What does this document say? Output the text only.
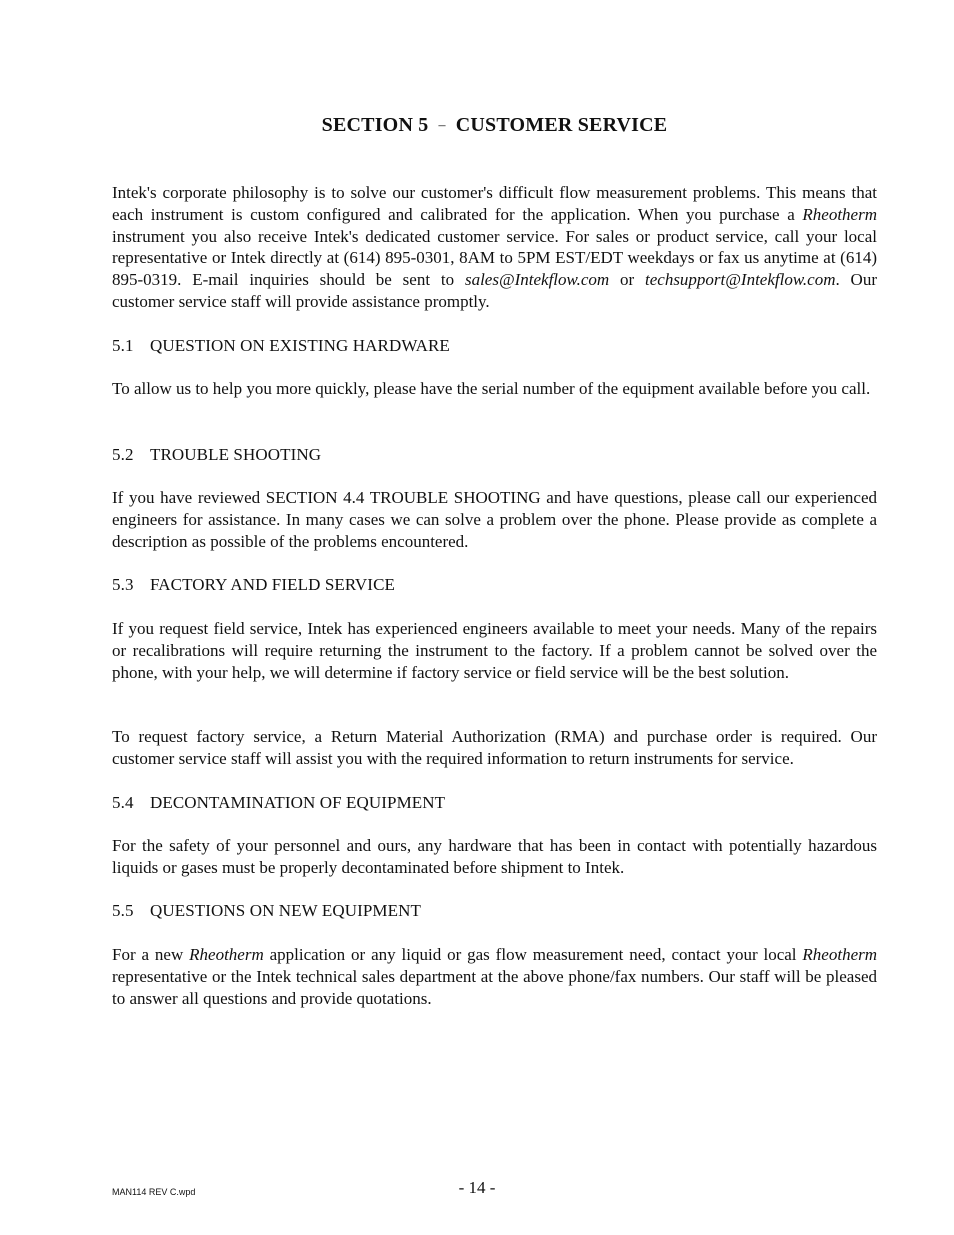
SECTION 5 – CUSTOMER SERVICE
Intek's corporate philosophy is to solve our customer's difficult flow measurement problems. This means that each instrument is custom configured and calibrated for the application. When you purchase a Rheotherm instrument you also receive Intek's dedicated customer service. For sales or product service, call your local representative or Intek directly at (614) 895-0301, 8AM to 5PM EST/EDT weekdays or fax us anytime at (614) 895-0319. E-mail inquiries should be sent to sales@Intekflow.com or techsupport@Intekflow.com. Our customer service staff will provide assistance promptly.
5.1 QUESTION ON EXISTING HARDWARE
To allow us to help you more quickly, please have the serial number of the equipment available before you call.
5.2 TROUBLE SHOOTING
If you have reviewed SECTION 4.4 TROUBLE SHOOTING and have questions, please call our experienced engineers for assistance. In many cases we can solve a problem over the phone. Please provide as complete a description as possible of the problems encountered.
5.3 FACTORY AND FIELD SERVICE
If you request field service, Intek has experienced engineers available to meet your needs. Many of the repairs or recalibrations will require returning the instrument to the factory. If a problem cannot be solved over the phone, with your help, we will determine if factory service or field service will be the best solution.
To request factory service, a Return Material Authorization (RMA) and purchase order is required. Our customer service staff will assist you with the required information to return instruments for service.
5.4 DECONTAMINATION OF EQUIPMENT
For the safety of your personnel and ours, any hardware that has been in contact with potentially hazardous liquids or gases must be properly decontaminated before shipment to Intek.
5.5 QUESTIONS ON NEW EQUIPMENT
For a new Rheotherm application or any liquid or gas flow measurement need, contact your local Rheotherm representative or the Intek technical sales department at the above phone/fax numbers. Our staff will be pleased to answer all questions and provide quotations.
MAN114 REV C.wpd	- 14 -
